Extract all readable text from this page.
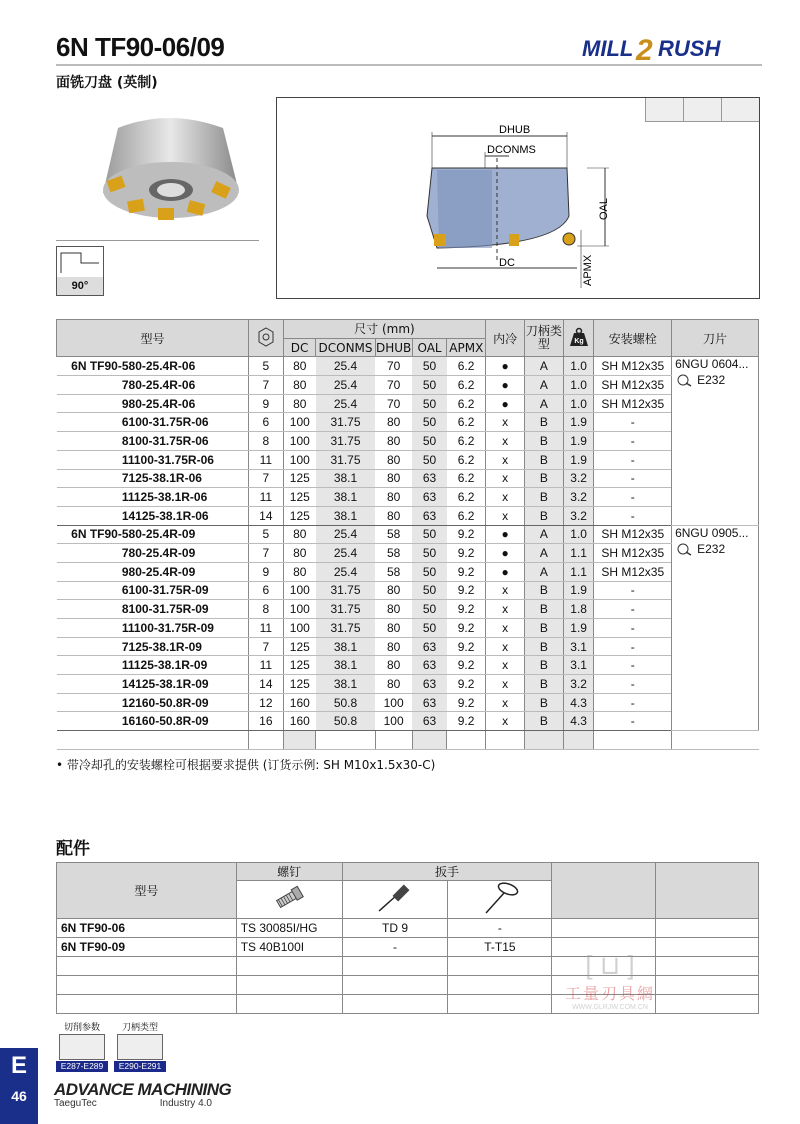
6N TF90-06/09
面铣刀盘 (英制)
MILL 2 RUSH
90°
DHUB
DCONMS
DC
OAL
APMX
型号			尺寸 (mm)					内冷	刀柄类型	Kg	安装螺栓	刀片
			DC	DCONMS	DHUB	OAL	APMX					
6N TF90-	580-25.4R-06	5	80	25.4	70	50	6.2	●	A	1.0	SH M12x35	6NGU 0604...
E232

	780-25.4R-06	7	80	25.4	70	50	6.2	●	A	1.0	SH M12x35	
	980-25.4R-06	9	80	25.4	70	50	6.2	●	A	1.0	SH M12x35	
	6100-31.75R-06	6	100	31.75	80	50	6.2	x	B	1.9	-	
	8100-31.75R-06	8	100	31.75	80	50	6.2	x	B	1.9	-	
	11100-31.75R-06	11	100	31.75	80	50	6.2	x	B	1.9	-	
	7125-38.1R-06	7	125	38.1	80	63	6.2	x	B	3.2	-	
	11125-38.1R-06	11	125	38.1	80	63	6.2	x	B	3.2	-	
	14125-38.1R-06	14	125	38.1	80	63	6.2	x	B	3.2	-	
6N TF90-	580-25.4R-09	5	80	25.4	58	50	9.2	●	A	1.0	SH M12x35	6NGU 0905...
E232

	780-25.4R-09	7	80	25.4	58	50	9.2	●	A	1.1	SH M12x35	
	980-25.4R-09	9	80	25.4	58	50	9.2	●	A	1.1	SH M12x35	
	6100-31.75R-09	6	100	31.75	80	50	9.2	x	B	1.9	-	
	8100-31.75R-09	8	100	31.75	80	50	9.2	x	B	1.8	-	
	11100-31.75R-09	11	100	31.75	80	50	9.2	x	B	1.9	-	
	7125-38.1R-09	7	125	38.1	80	63	9.2	x	B	3.1	-	
	11125-38.1R-09	11	125	38.1	80	63	9.2	x	B	3.1	-	
	14125-38.1R-09	14	125	38.1	80	63	9.2	x	B	3.2	-	
	12160-50.8R-09	12	160	50.8	100	63	9.2	x	B	4.3	-	
	16160-50.8R-09	16	160	50.8	100	63	9.2	x	B	4.3	-	

• 带冷却孔的安装螺栓可根据要求提供 (订货示例: SH M10x1.5x30-C)
配件
型号	螺钉	扳手			

6N TF90-06	TS 30085I/HG	TD 9	-		
6N TF90-09	TS 40B100I	-	T-T15		

[ ⊔ ]
工量刃具網
WWW.GLRJW.COM.CN
切削参数
E287-E289
刀柄类型
E290-E291
E
46	ADVANCE MACHINING
TaeguTec	Industry 4.0
